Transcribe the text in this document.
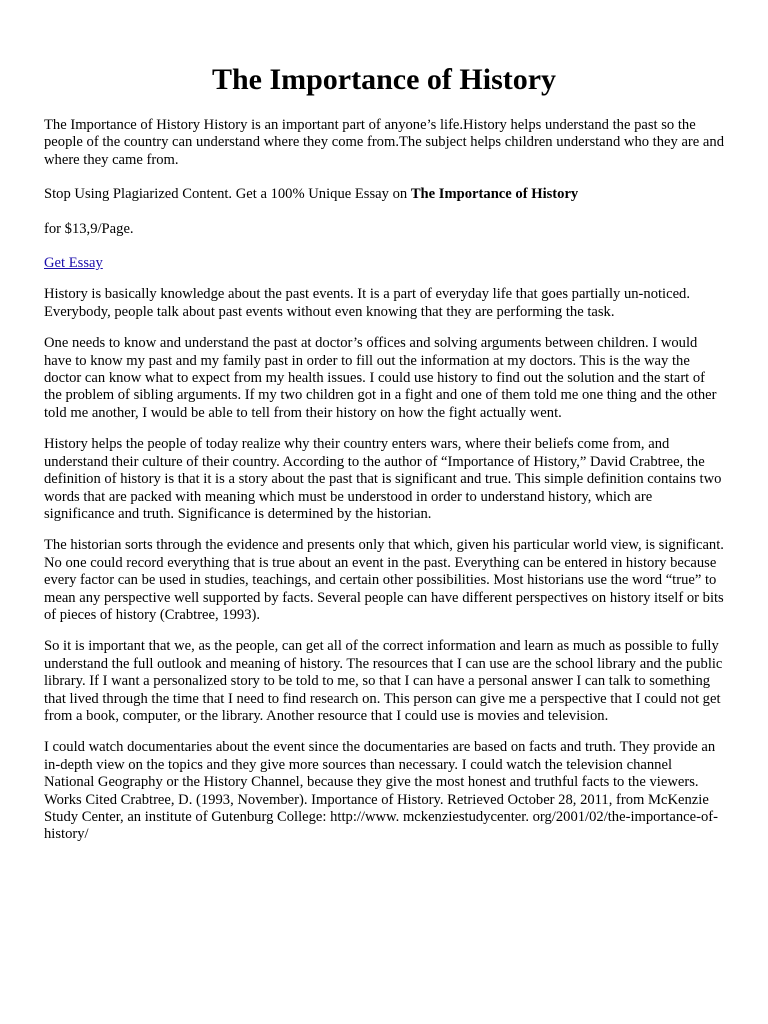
The Importance of History

The Importance of History History is an important part of anyone’s life.History helps understand the past so the people of the country can understand where they come from.The subject helps children understand who they are and where they came from.

Stop Using Plagiarized Content. Get a 100% Unique Essay on The Importance of History

for $13,9/Page.

Get Essay

History is basically knowledge about the past events. It is a part of everyday life that goes partially un-noticed. Everybody, people talk about past events without even knowing that they are performing the task.

One needs to know and understand the past at doctor’s offices and solving arguments between children. I would have to know my past and my family past in order to fill out the information at my doctors. This is the way the doctor can know what to expect from my health issues. I could use history to find out the solution and the start of the problem of sibling arguments. If my two children got in a fight and one of them told me one thing and the other told me another, I would be able to tell from their history on how the fight actually went.

History helps the people of today realize why their country enters wars, where their beliefs come from, and understand their culture of their country. According to the author of “Importance of History,” David Crabtree, the definition of history is that it is a story about the past that is significant and true. This simple definition contains two words that are packed with meaning which must be understood in order to understand history, which are significance and truth. Significance is determined by the historian.

The historian sorts through the evidence and presents only that which, given his particular world view, is significant. No one could record everything that is true about an event in the past. Everything can be entered in history because every factor can be used in studies, teachings, and certain other possibilities. Most historians use the word “true” to mean any perspective well supported by facts. Several people can have different perspectives on history itself or bits of pieces of history (Crabtree, 1993).

So it is important that we, as the people, can get all of the correct information and learn as much as possible to fully understand the full outlook and meaning of history. The resources that I can use are the school library and the public library. If I want a personalized story to be told to me, so that I can have a personal answer I can talk to something that lived through the time that I need to find research on. This person can give me a perspective that I could not get from a book, computer, or the library. Another resource that I could use is movies and television.

I could watch documentaries about the event since the documentaries are based on facts and truth. They provide an in-depth view on the topics and they give more sources than necessary. I could watch the television channel National Geography or the History Channel, because they give the most honest and truthful facts to the viewers. Works Cited Crabtree, D. (1993, November). Importance of History. Retrieved October 28, 2011, from McKenzie Study Center, an institute of Gutenburg College: http://www. mckenziestudycenter. org/2001/02/the-importance-of-history/
